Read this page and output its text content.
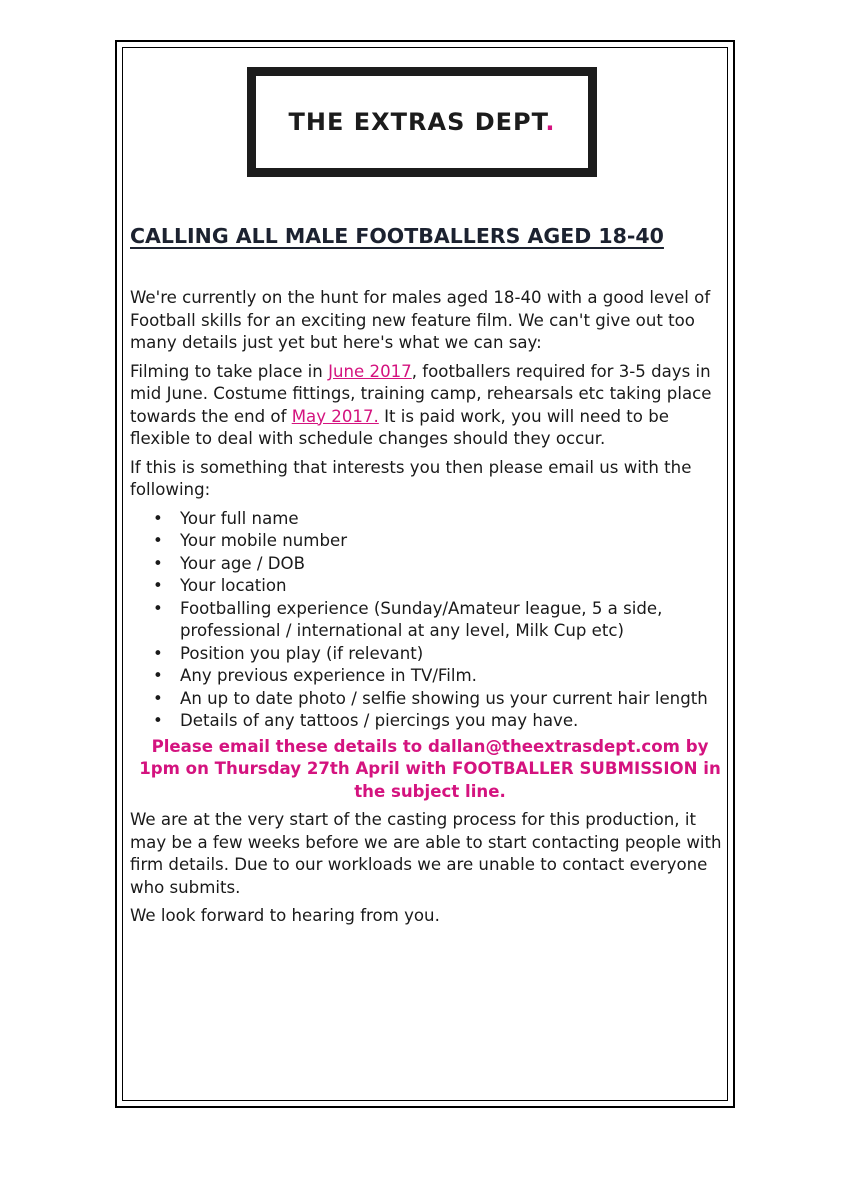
THE EXTRAS DEPT.
CALLING ALL MALE FOOTBALLERS AGED 18-40

We're currently on the hunt for males aged 18-40 with a good level of Football skills for an exciting new feature film. We can't give out too many details just yet but here's what we can say:

Filming to take place in June 2017, footballers required for 3-5 days in mid June. Costume fittings, training camp, rehearsals etc taking place towards the end of May 2017. It is paid work, you will need to be flexible to deal with schedule changes should they occur.

If this is something that interests you then please email us with the following:

• Your full name
• Your mobile number
• Your age / DOB
• Your location
• Footballing experience (Sunday/Amateur league, 5 a side, professional / international at any level, Milk Cup etc)
• Position you play (if relevant)
• Any previous experience in TV/Film.
• An up to date photo / selfie showing us your current hair length
• Details of any tattoos / piercings you may have.

Please email these details to dallan@theextrasdept.com by 1pm on Thursday 27th April with FOOTBALLER SUBMISSION in the subject line.

We are at the very start of the casting process for this production, it may be a few weeks before we are able to start contacting people with firm details. Due to our workloads we are unable to contact everyone who submits.

We look forward to hearing from you.
